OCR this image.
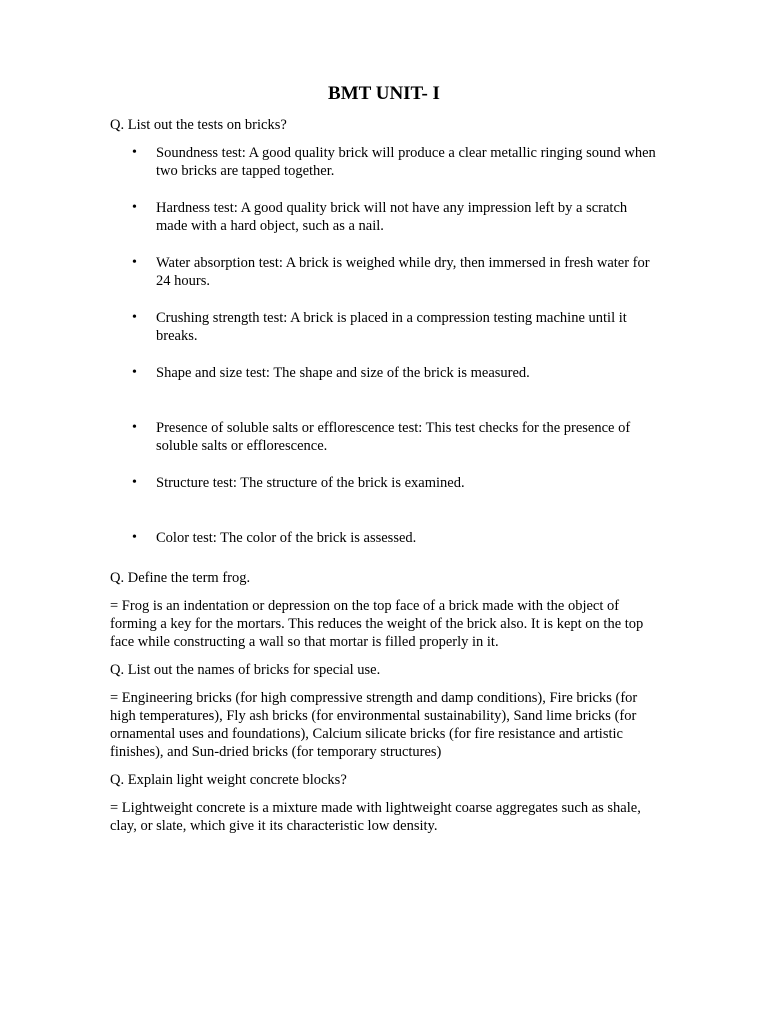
BMT UNIT- I

Q. List out the tests on bricks?

• Soundness test: A good quality brick will produce a clear metallic ringing sound when two bricks are tapped together.
• Hardness test: A good quality brick will not have any impression left by a scratch made with a hard object, such as a nail.
• Water absorption test: A brick is weighed while dry, then immersed in fresh water for 24 hours.
• Crushing strength test: A brick is placed in a compression testing machine until it breaks.
• Shape and size test: The shape and size of the brick is measured.
• Presence of soluble salts or efflorescence test: This test checks for the presence of soluble salts or efflorescence.
• Structure test: The structure of the brick is examined.
• Color test: The color of the brick is assessed.

Q. Define the term frog.

= Frog is an indentation or depression on the top face of a brick made with the object of forming a key for the mortars. This reduces the weight of the brick also. It is kept on the top face while constructing a wall so that mortar is filled properly in it.

Q. List out the names of bricks for special use.

= Engineering bricks (for high compressive strength and damp conditions), Fire bricks (for high temperatures), Fly ash bricks (for environmental sustainability), Sand lime bricks (for ornamental uses and foundations), Calcium silicate bricks (for fire resistance and artistic finishes), and Sun-dried bricks (for temporary structures)

Q. Explain light weight concrete blocks?

= Lightweight concrete is a mixture made with lightweight coarse aggregates such as shale, clay, or slate, which give it its characteristic low density.
